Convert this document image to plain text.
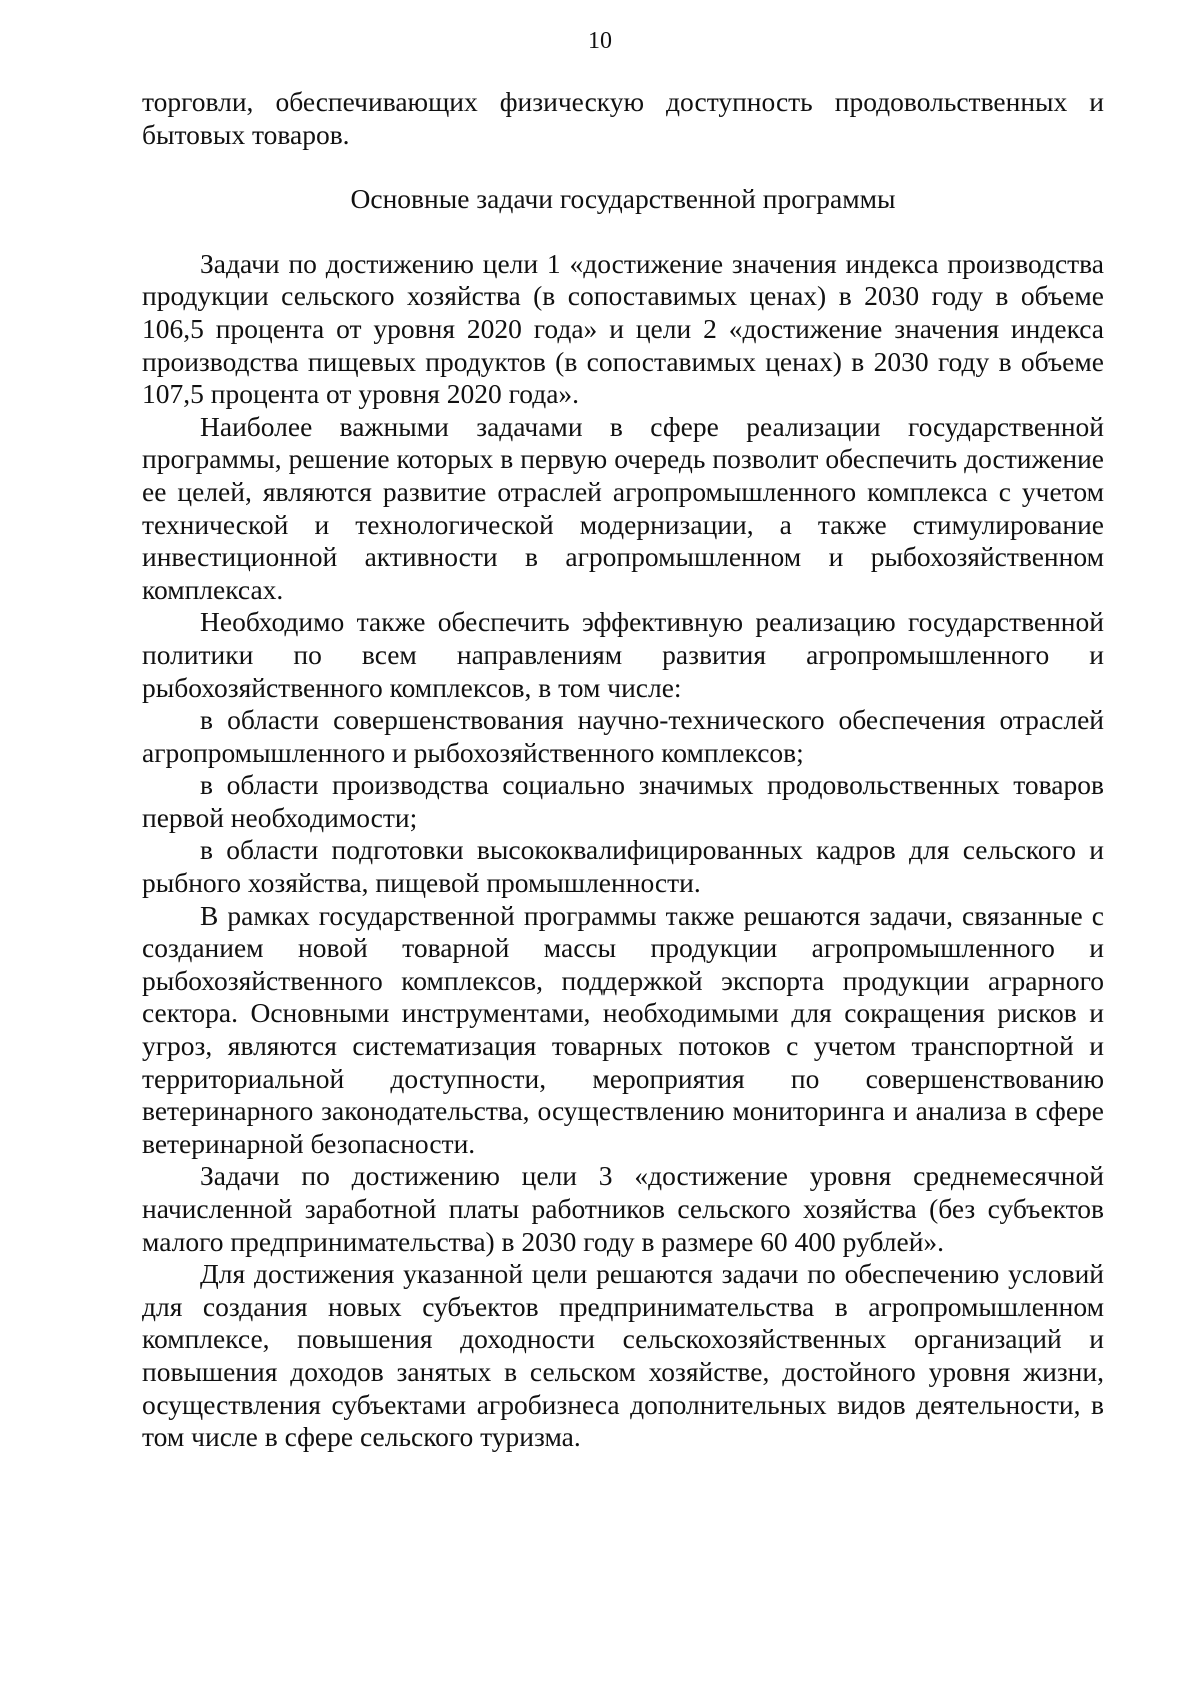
10

торговли, обеспечивающих физическую доступность продовольственных и бытовых товаров.

Основные задачи государственной программы

Задачи по достижению цели 1 «достижение значения индекса производства продукции сельского хозяйства (в сопоставимых ценах) в 2030 году в объеме 106,5 процента от уровня 2020 года» и цели 2 «достижение значения индекса производства пищевых продуктов (в сопоставимых ценах) в 2030 году в объеме 107,5 процента от уровня 2020 года».

Наиболее важными задачами в сфере реализации государственной программы, решение которых в первую очередь позволит обеспечить достижение ее целей, являются развитие отраслей агропромышленного комплекса с учетом технической и технологической модернизации, а также стимулирование инвестиционной активности в агропромышленном и рыбохозяйственном комплексах.

Необходимо также обеспечить эффективную реализацию государственной политики по всем направлениям развития агропромышленного и рыбохозяйственного комплексов, в том числе:

в области совершенствования научно-технического обеспечения отраслей агропромышленного и рыбохозяйственного комплексов;

в области производства социально значимых продовольственных товаров первой необходимости;

в области подготовки высококвалифицированных кадров для сельского и рыбного хозяйства, пищевой промышленности.

В рамках государственной программы также решаются задачи, связанные с созданием новой товарной массы продукции агропромышленного и рыбохозяйственного комплексов, поддержкой экспорта продукции аграрного сектора. Основными инструментами, необходимыми для сокращения рисков и угроз, являются систематизация товарных потоков с учетом транспортной и территориальной доступности, мероприятия по совершенствованию ветеринарного законодательства, осуществлению мониторинга и анализа в сфере ветеринарной безопасности.

Задачи по достижению цели 3 «достижение уровня среднемесячной начисленной заработной платы работников сельского хозяйства (без субъектов малого предпринимательства) в 2030 году в размере 60 400 рублей».

Для достижения указанной цели решаются задачи по обеспечению условий для создания новых субъектов предпринимательства в агропромышленном комплексе, повышения доходности сельскохозяйственных организаций и повышения доходов занятых в сельском хозяйстве, достойного уровня жизни, осуществления субъектами агробизнеса дополнительных видов деятельности, в том числе в сфере сельского туризма.
